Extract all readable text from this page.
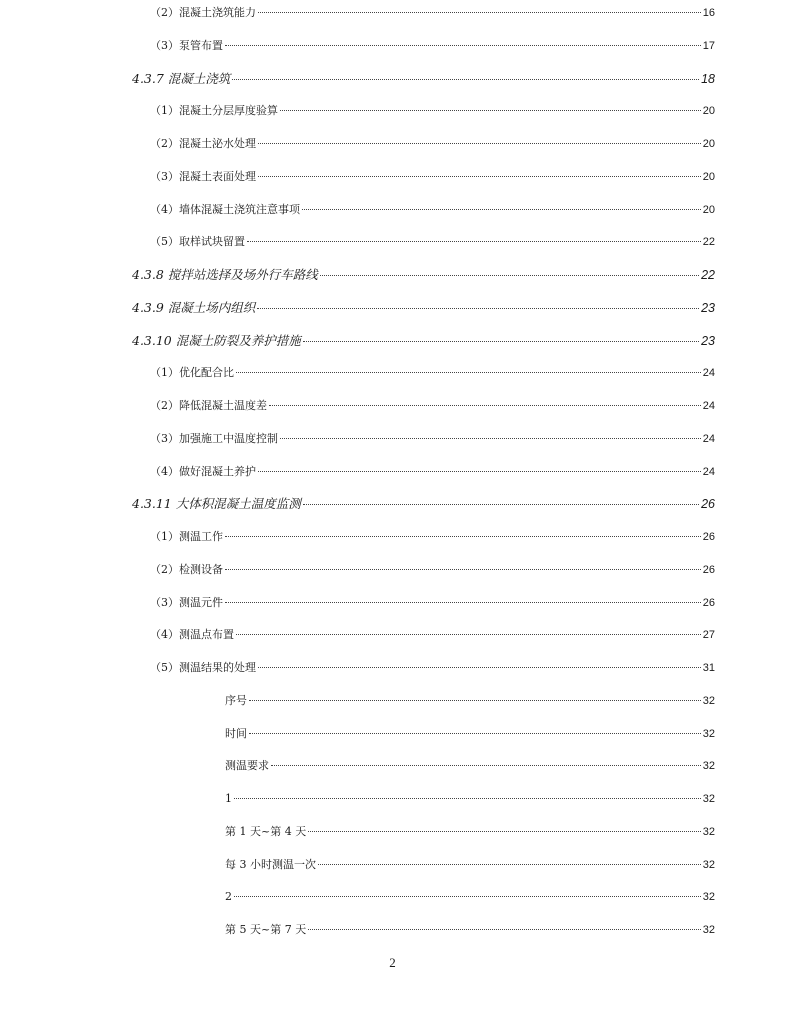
（2）混凝土浇筑能力	16
（3）泵管布置	17
4.3.7 混凝土浇筑	18
（1）混凝土分层厚度验算	20
（2）混凝土泌水处理	20
（3）混凝土表面处理	20
（4）墙体混凝土浇筑注意事项	20
（5）取样试块留置	22
4.3.8 搅拌站选择及场外行车路线	22
4.3.9 混凝土场内组织	23
4.3.10 混凝土防裂及养护措施	23
（1）优化配合比	24
（2）降低混凝土温度差	24
（3）加强施工中温度控制	24
（4）做好混凝土养护	24
4.3.11 大体积混凝土温度监测	26
（1）测温工作	26
（2）检测设备	26
（3）测温元件	26
（4）测温点布置	27
（5）测温结果的处理	31
序号	32
时间	32
测温要求	32
1	32
第 1 天~第 4 天	32
每 3 小时测温一次	32
2	32
第 5 天~第 7 天	32
2
